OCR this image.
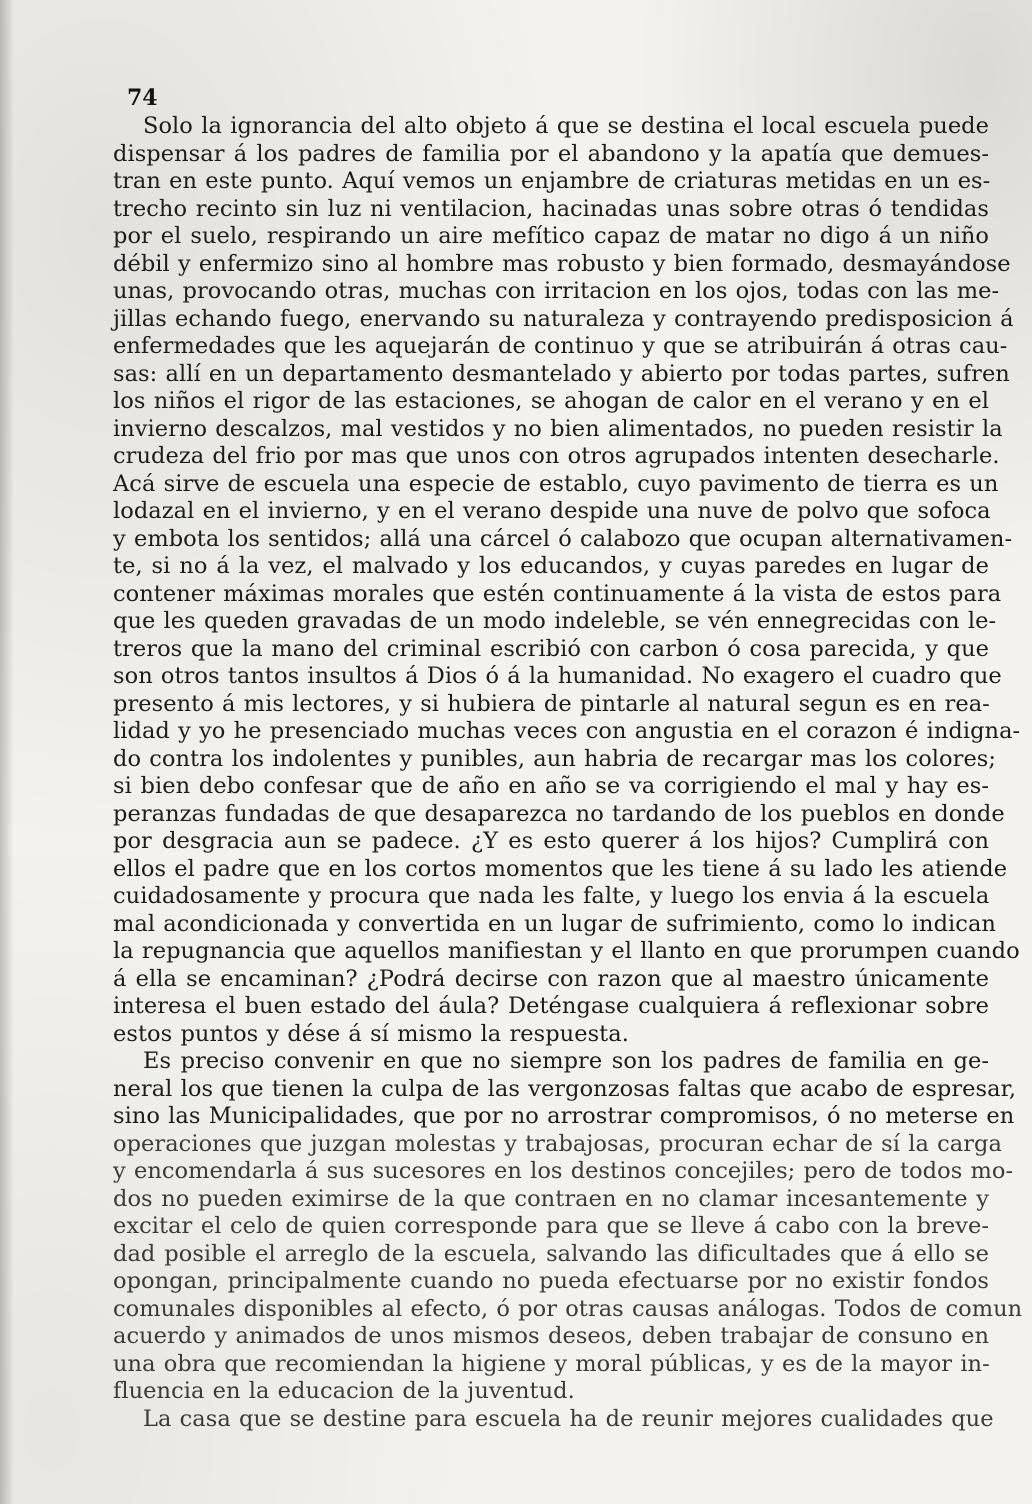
74
Solo la ignorancia del alto objeto á que se destina el local escuela puede
dispensar á los padres de familia por el abandono y la apatía que demues-
tran en este punto. Aquí vemos un enjambre de criaturas metidas en un es-
trecho recinto sin luz ni ventilacion, hacinadas unas sobre otras ó tendidas
por el suelo, respirando un aire mefítico capaz de matar no digo á un niño
débil y enfermizo sino al hombre mas robusto y bien formado, desmayándose
unas, provocando otras, muchas con irritacion en los ojos, todas con las me-
jillas echando fuego, enervando su naturaleza y contrayendo predisposicion á
enfermedades que les aquejarán de continuo y que se atribuirán á otras cau-
sas: allí en un departamento desmantelado y abierto por todas partes, sufren
los niños el rigor de las estaciones, se ahogan de calor en el verano y en el
invierno descalzos, mal vestidos y no bien alimentados, no pueden resistir la
crudeza del frio por mas que unos con otros agrupados intenten desecharle.
Acá sirve de escuela una especie de establo, cuyo pavimento de tierra es un
lodazal en el invierno, y en el verano despide una nuve de polvo que sofoca
y embota los sentidos; allá una cárcel ó calabozo que ocupan alternativamen-
te, si no á la vez, el malvado y los educandos, y cuyas paredes en lugar de
contener máximas morales que estén continuamente á la vista de estos para
que les queden gravadas de un modo indeleble, se vén ennegrecidas con le-
treros que la mano del criminal escribió con carbon ó cosa parecida, y que
son otros tantos insultos á Dios ó á la humanidad. No exagero el cuadro que
presento á mis lectores, y si hubiera de pintarle al natural segun es en rea-
lidad y yo he presenciado muchas veces con angustia en el corazon é indigna-
do contra los indolentes y punibles, aun habria de recargar mas los colores;
si bien debo confesar que de año en año se va corrigiendo el mal y hay es-
peranzas fundadas de que desaparezca no tardando de los pueblos en donde
por desgracia aun se padece. ¿Y es esto querer á los hijos? Cumplirá con
ellos el padre que en los cortos momentos que les tiene á su lado les atiende
cuidadosamente y procura que nada les falte, y luego los envia á la escuela
mal acondicionada y convertida en un lugar de sufrimiento, como lo indican
la repugnancia que aquellos manifiestan y el llanto en que prorumpen cuando
á ella se encaminan? ¿Podrá decirse con razon que al maestro únicamente
interesa el buen estado del áula? Deténgase cualquiera á reflexionar sobre
estos puntos y dése á sí mismo la respuesta.
Es preciso convenir en que no siempre son los padres de familia en ge-
neral los que tienen la culpa de las vergonzosas faltas que acabo de espresar,
sino las Municipalidades, que por no arrostrar compromisos, ó no meterse en
operaciones que juzgan molestas y trabajosas, procuran echar de sí la carga
y encomendarla á sus sucesores en los destinos concejiles; pero de todos mo-
dos no pueden eximirse de la que contraen en no clamar incesantemente y
excitar el celo de quien corresponde para que se lleve á cabo con la breve-
dad posible el arreglo de la escuela, salvando las dificultades que á ello se
opongan, principalmente cuando no pueda efectuarse por no existir fondos
comunales disponibles al efecto, ó por otras causas análogas. Todos de comun
acuerdo y animados de unos mismos deseos, deben trabajar de consuno en
una obra que recomiendan la higiene y moral públicas, y es de la mayor in-
fluencia en la educacion de la juventud.
La casa que se destine para escuela ha de reunir mejores cualidades que
